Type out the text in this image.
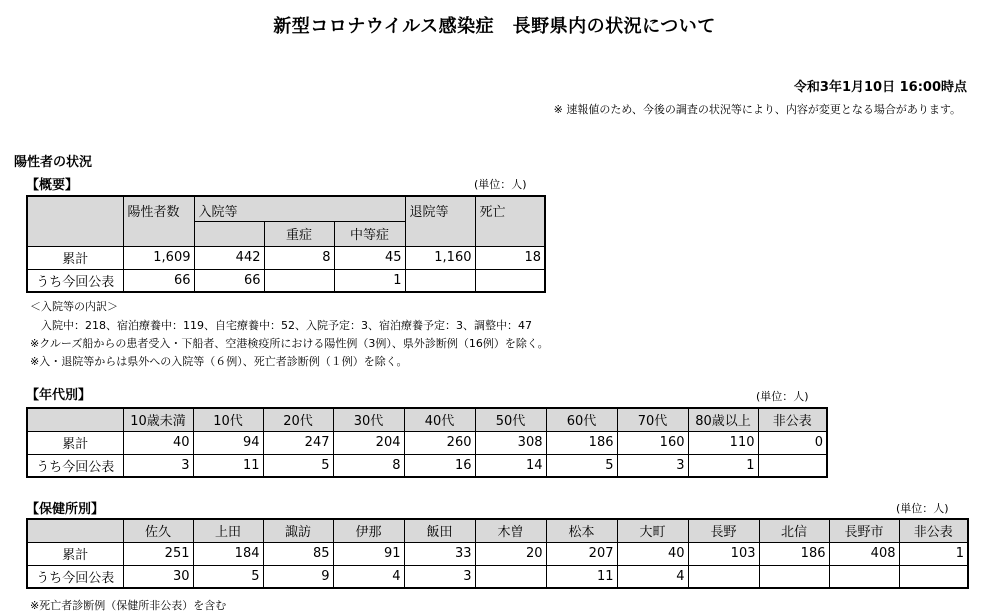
新型コロナウイルス感染症　長野県内の状況について
令和3年1月10日 16:00時点
※ 速報値のため、今後の調査の状況等により、内容が変更となる場合があります。
陽性者の状況
【概要】	(単位：人)
	陽性者数	入院等			退院等	死亡
			重症	中等症		
累計	1,609	442	8	45	1,160	18
うち今回公表	66	66		1		
＜入院等の内訳＞
　入院中：218、宿泊療養中：119、自宅療養中：52、入院予定：3、宿泊療養予定：3、調整中：47
※クルーズ船からの患者受入・下船者、空港検疫所における陽性例（3例）、県外診断例（16例）を除く。
※入・退院等からは県外への入院等（６例）、死亡者診断例（１例）を除く。
【年代別】	(単位：人)
	10歳未満	10代	20代	30代	40代	50代	60代	70代	80歳以上	非公表
累計	40	94	247	204	260	308	186	160	110	0
うち今回公表	3	11	5	8	16	14	5	3	1	
【保健所別】	(単位：人)
	佐久	上田	諏訪	伊那	飯田	木曽	松本	大町	長野	北信	長野市	非公表
累計	251	184	85	91	33	20	207	40	103	186	408	1
うち今回公表	30	5	9	4	3		11	4				
※死亡者診断例（保健所非公表）を含む
